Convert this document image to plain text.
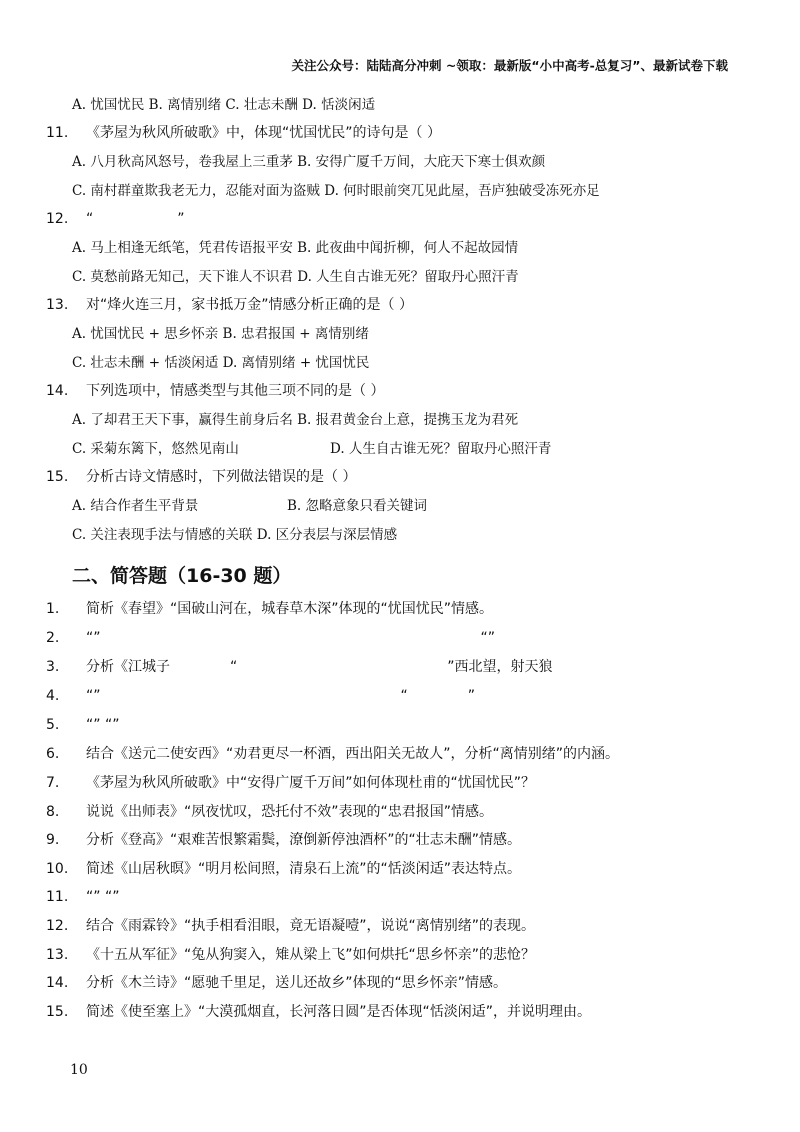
关注公众号：陆陆高分冲刺 ~领取：最新版“小中高考-总复习”、最新试卷下载
A. 忧国忧民 B. 离情别绪 C. 壮志未酬 D. 恬淡闲适
11. 《茅屋为秋风所破歌》中，体现“忧国忧民”的诗句是（ ）
A. 八月秋高风怒号，卷我屋上三重茅 B. 安得广厦千万间，大庇天下寒士俱欢颜
C. 南村群童欺我老无力，忍能对面为盗贼 D. 何时眼前突兀见此屋，吾庐独破受冻死亦足
12. “	”
A. 马上相逢无纸笔，凭君传语报平安 B. 此夜曲中闻折柳，何人不起故园情
C. 莫愁前路无知己，天下谁人不识君 D. 人生自古谁无死？留取丹心照汗青
13. 对“烽火连三月，家书抵万金”情感分析正确的是（ ）
A. 忧国忧民 + 思乡怀亲 B. 忠君报国 + 离情别绪
C. 壮志未酬 + 恬淡闲适 D. 离情别绪 + 忧国忧民
14. 下列选项中，情感类型与其他三项不同的是（ ）
A. 了却君王天下事，赢得生前身后名 B. 报君黄金台上意，提携玉龙为君死
C. 采菊东篱下，悠然见南山	D. 人生自古谁无死？留取丹心照汗青
15. 分析古诗文情感时，下列做法错误的是（ ）
A. 结合作者生平背景	B. 忽略意象只看关键词
C. 关注表现手法与情感的关联 D. 区分表层与深层情感
二、简答题（16-30 题）
1. 简析《春望》“国破山河在，城春草木深”体现的“忧国忧民”情感。
2. “”	“”
3. 分析《江城子	“	”西北望，射天狼
4. “”	“	”
5. “” “”
6. 结合《送元二使安西》“劝君更尽一杯酒，西出阳关无故人”，分析“离情别绪”的内涵。
7. 《茅屋为秋风所破歌》中“安得广厦千万间”如何体现杜甫的“忧国忧民”？
8. 说说《出师表》“夙夜忧叹，恐托付不效”表现的“忠君报国”情感。
9. 分析《登高》“艰难苦恨繁霜鬓，潦倒新停浊酒杯”的“壮志未酬”情感。
10. 简述《山居秋暝》“明月松间照，清泉石上流”的“恬淡闲适”表达特点。
11. “” “”
12. 结合《雨霖铃》“执手相看泪眼，竟无语凝噎”，说说“离情别绪”的表现。
13. 《十五从军征》“兔从狗窦入，雉从梁上飞”如何烘托“思乡怀亲”的悲怆？
14. 分析《木兰诗》“愿驰千里足，送儿还故乡”体现的“思乡怀亲”情感。
15. 简述《使至塞上》“大漠孤烟直，长河落日圆”是否体现“恬淡闲适”，并说明理由。
10
